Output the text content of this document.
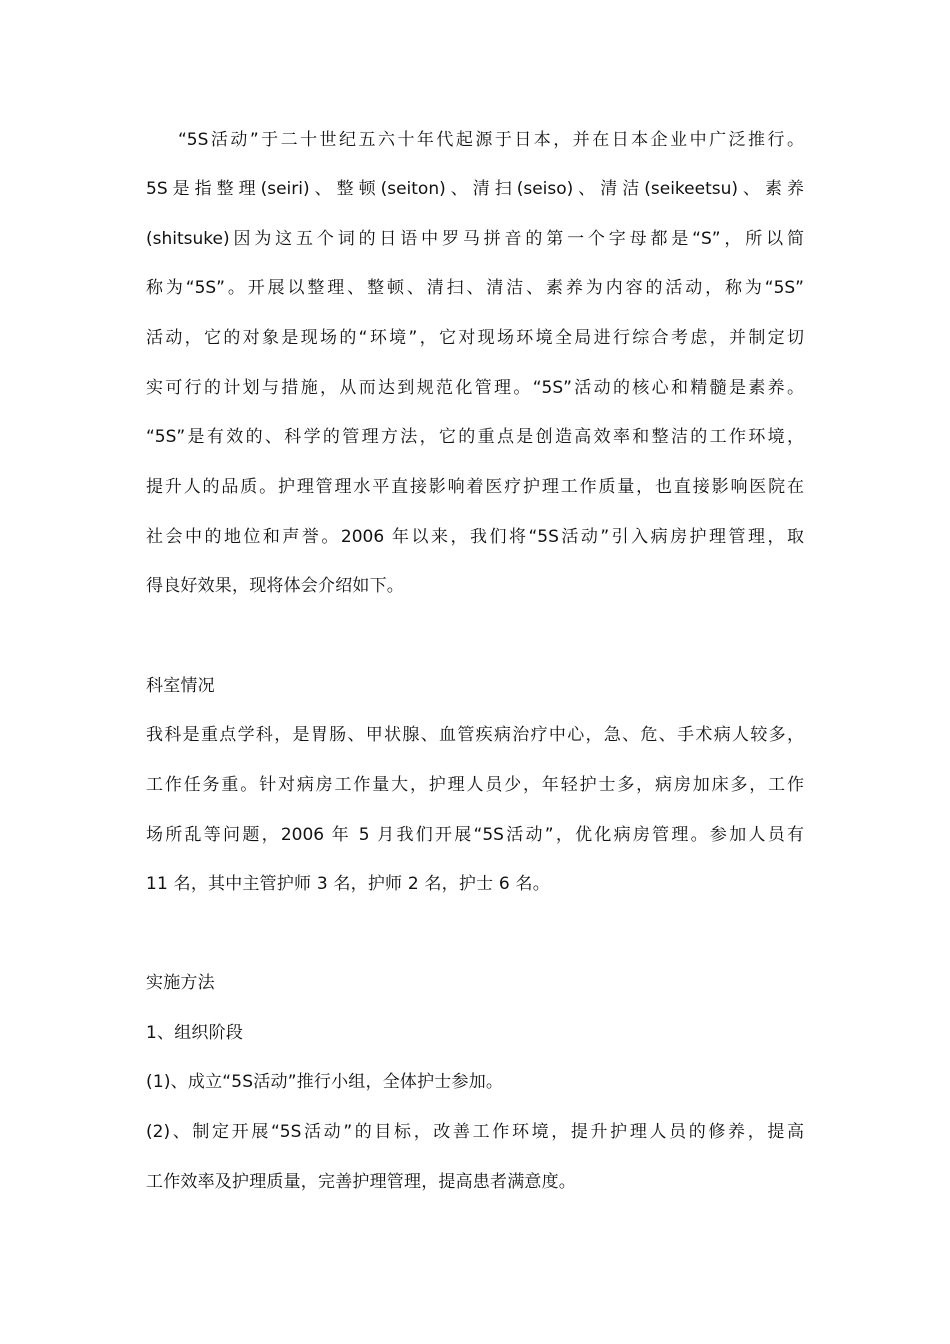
“5S活动”于二十世纪五六十年代起源于日本，并在日本企业中广泛推行。
5S是指整理(seiri)、整顿(seiton)、清扫(seiso)、清洁(seikeetsu)、素养
(shitsuke)因为这五个词的日语中罗马拼音的第一个字母都是“S”，所以简
称为“5S”。开展以整理、整顿、清扫、清洁、素养为内容的活动，称为“5S”
活动，它的对象是现场的“环境”，它对现场环境全局进行综合考虑，并制定切
实可行的计划与措施，从而达到规范化管理。“5S”活动的核心和精髓是素养。
“5S”是有效的、科学的管理方法，它的重点是创造高效率和整洁的工作环境，
提升人的品质。护理管理水平直接影响着医疗护理工作质量，也直接影响医院在
社会中的地位和声誉。2006 年以来，我们将“5S活动”引入病房护理管理，取
得良好效果，现将体会介绍如下。
科室情况
我科是重点学科，是胃肠、甲状腺、血管疾病治疗中心，急、危、手术病人较多，
工作任务重。针对病房工作量大，护理人员少，年轻护士多，病房加床多，工作
场所乱等问题，2006 年 5 月我们开展“5S活动”，优化病房管理。参加人员有
11 名，其中主管护师 3 名，护师 2 名，护士 6 名。
实施方法
1、组织阶段
(1)、成立“5S活动”推行小组，全体护士参加。
(2)、制定开展“5S活动”的目标，改善工作环境，提升护理人员的修养，提高
工作效率及护理质量，完善护理管理，提高患者满意度。
